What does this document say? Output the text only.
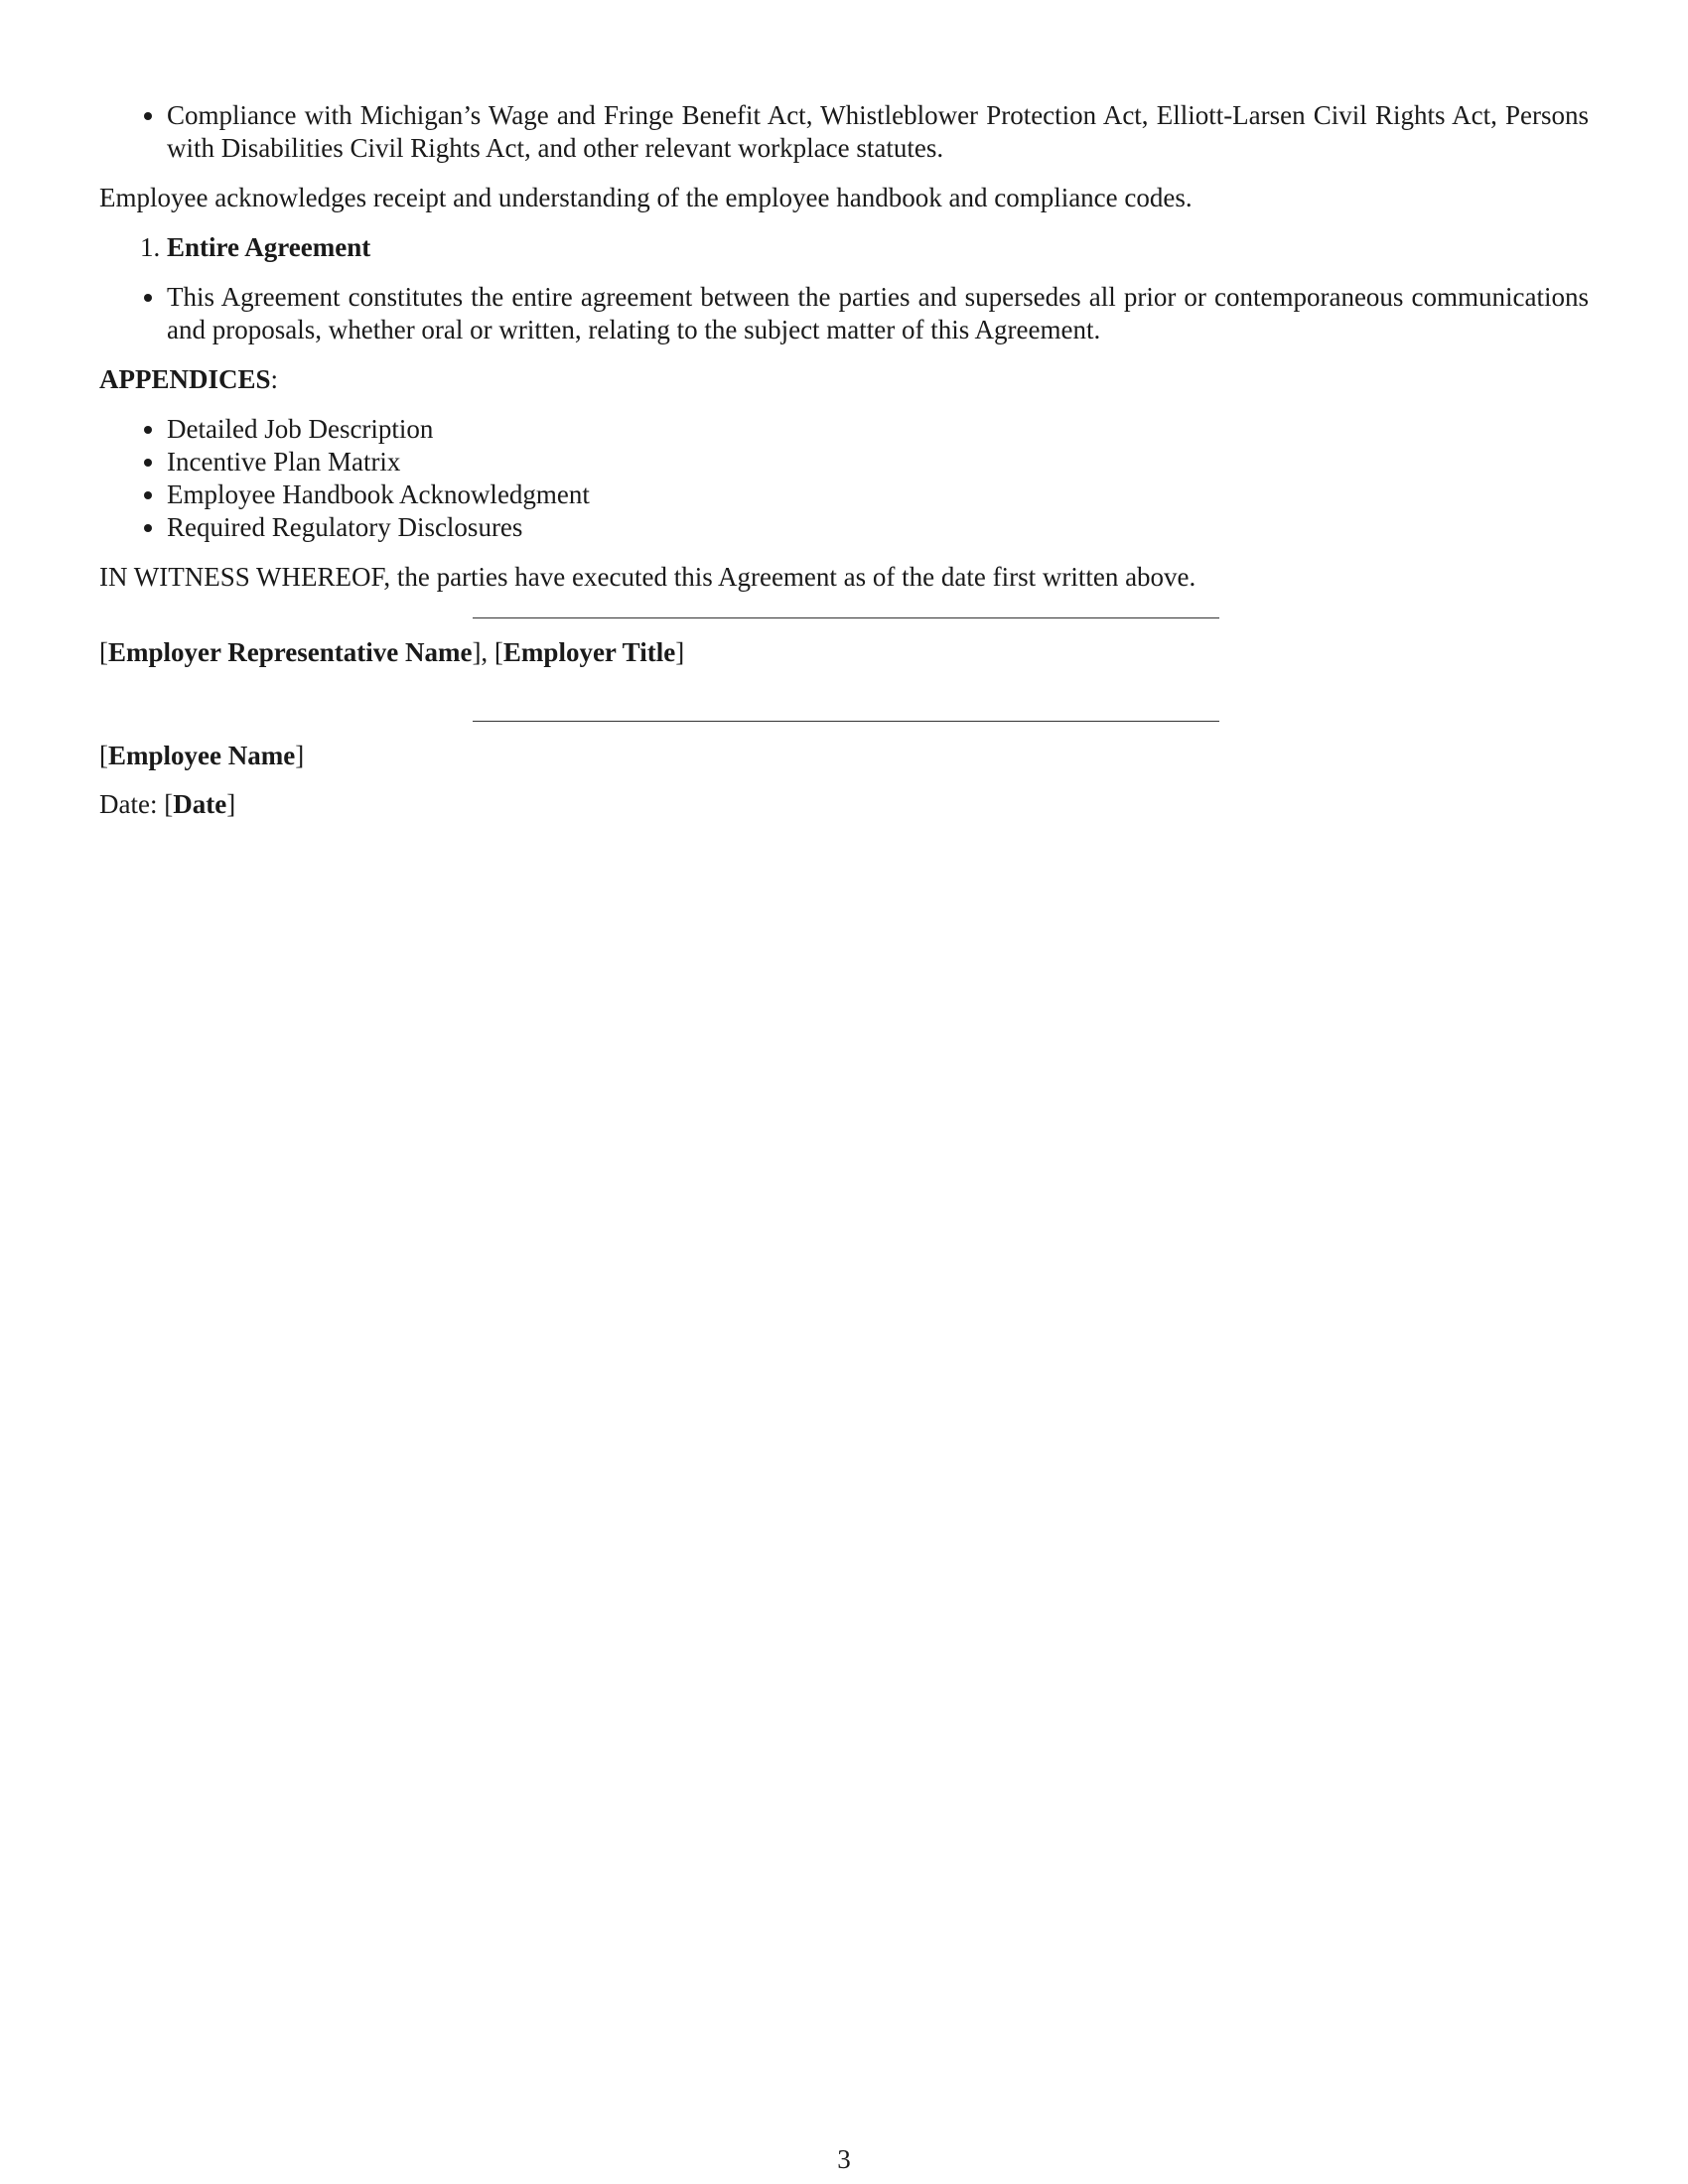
• Compliance with Michigan’s Wage and Fringe Benefit Act, Whistleblower Protection Act, Elliott-Larsen Civil Rights Act, Persons with Disabilities Civil Rights Act, and other relevant workplace statutes.

Employee acknowledges receipt and understanding of the employee handbook and compliance codes.

1. Entire Agreement
• This Agreement constitutes the entire agreement between the parties and supersedes all prior or contemporaneous communications and proposals, whether oral or written, relating to the subject matter of this Agreement.

APPENDICES:

• Detailed Job Description
• Incentive Plan Matrix
• Employee Handbook Acknowledgment
• Required Regulatory Disclosures

IN WITNESS WHEREOF, the parties have executed this Agreement as of the date first written above.

[Employer Representative Name], [Employer Title]

[Employee Name]

Date: [Date]

3
